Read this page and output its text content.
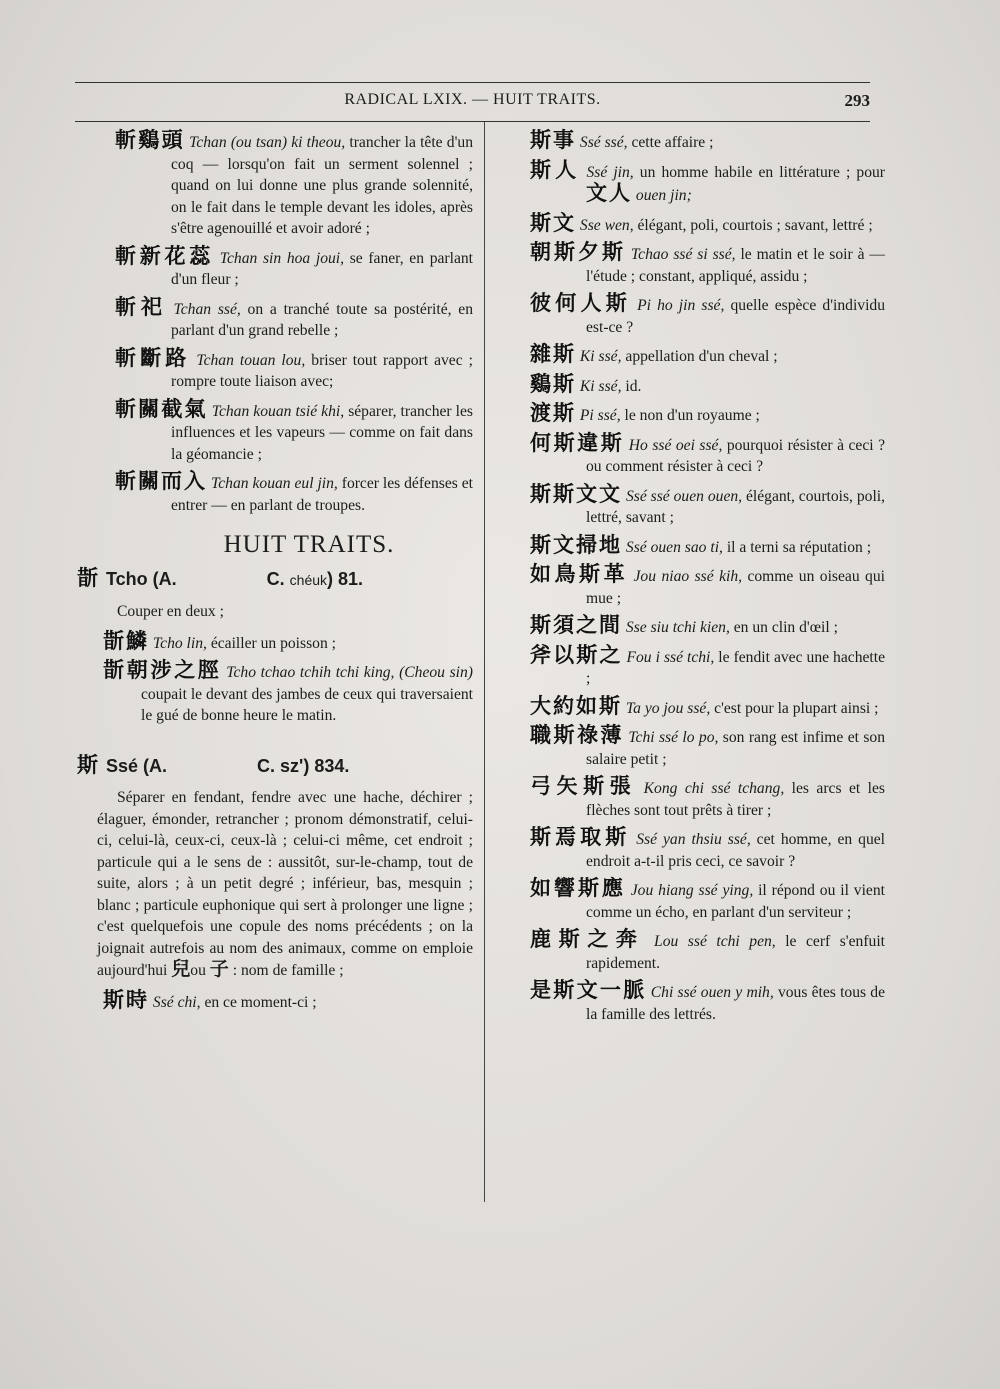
RADICAL LXIX. — HUIT TRAITS.	293
斬鷄頭 Tchan (ou tsan) ki theou, trancher la tête d'un coq — lorsqu'on fait un serment solennel ; quand on lui donne une plus grande solennité, on le fait dans le temple devant les idoles, après s'être agenouillé et avoir adoré ;
斬新花蕊 Tchan sin hoa joui, se faner, en parlant d'un fleur ;
斬祀 Tchan ssé, on a tranché toute sa postérité, en parlant d'un grand rebelle ;
斬斷路 Tchan touan lou, briser tout rapport avec ; rompre toute liaison avec;
斬關截氣 Tchan kouan tsié khi, séparer, trancher les influences et les vapeurs — comme on fait dans la géomancie ;
斬關而入 Tchan kouan eul jin, forcer les défenses et entrer — en parlant de troupes.
HUIT TRAITS.
斮 Tcho (A.	C. chéuk) 81.
Couper en deux ;
斮鱗 Tcho lin, écailler un poisson ;
斮朝涉之脛 Tcho tchao tchih tchi king, (Cheou sin) coupait le devant des jambes de ceux qui traversaient le gué de bonne heure le matin.
斯 Ssé (A.	C. sz') 834.
Séparer en fendant, fendre avec une hache, déchirer ; élaguer, émonder, retrancher ; pronom démonstratif, celui-ci, celui-là, ceux-ci, ceux-là ; celui-ci même, cet endroit ; particule qui a le sens de : aussitôt, sur-le-champ, tout de suite, alors ; à un petit degré ; inférieur, bas, mesquin ; blanc ; particule euphonique qui sert à prolonger une ligne ; c'est quelquefois une copule des noms précédents ; on la joignait autrefois au nom des animaux, comme on emploie aujourd'hui 兒ou 子 : nom de famille ;
斯時 Ssé chi, en ce moment-ci ;
斯事 Ssé ssé, cette affaire ;
斯人 Ssé jin, un homme habile en littérature ; pour 文人 ouen jin;
斯文 Sse wen, élégant, poli, courtois ; savant, lettré ;
朝斯夕斯 Tchao ssé si ssé, le matin et le soir à — l'étude ; constant, appliqué, assidu ;
彼何人斯 Pi ho jin ssé, quelle espèce d'individu est-ce ?
雜斯 Ki ssé, appellation d'un cheval ;
鷄斯 Ki ssé, id.
渡斯 Pi ssé, le non d'un royaume ;
何斯違斯 Ho ssé oei ssé, pourquoi résister à ceci ? ou comment résister à ceci ?
斯斯文文 Ssé ssé ouen ouen, élégant, courtois, poli, lettré, savant ;
斯文掃地 Ssé ouen sao ti, il a terni sa réputation ;
如鳥斯革 Jou niao ssé kih, comme un oiseau qui mue ;
斯須之間 Sse siu tchi kien, en un clin d'œil ;
斧以斯之 Fou i ssé tchi, le fendit avec une hachette ;
大約如斯 Ta yo jou ssé, c'est pour la plupart ainsi ;
職斯祿薄 Tchi ssé lo po, son rang est infime et son salaire petit ;
弓矢斯張 Kong chi ssé tchang, les arcs et les flèches sont tout prêts à tirer ;
斯焉取斯 Ssé yan thsiu ssé, cet homme, en quel endroit a-t-il pris ceci, ce savoir ?
如響斯應 Jou hiang ssé ying, il répond ou il vient comme un écho, en parlant d'un serviteur ;
鹿斯之奔 Lou ssé tchi pen, le cerf s'enfuit rapidement.
是斯文一脈 Chi ssé ouen y mih, vous êtes tous de la famille des lettrés.
